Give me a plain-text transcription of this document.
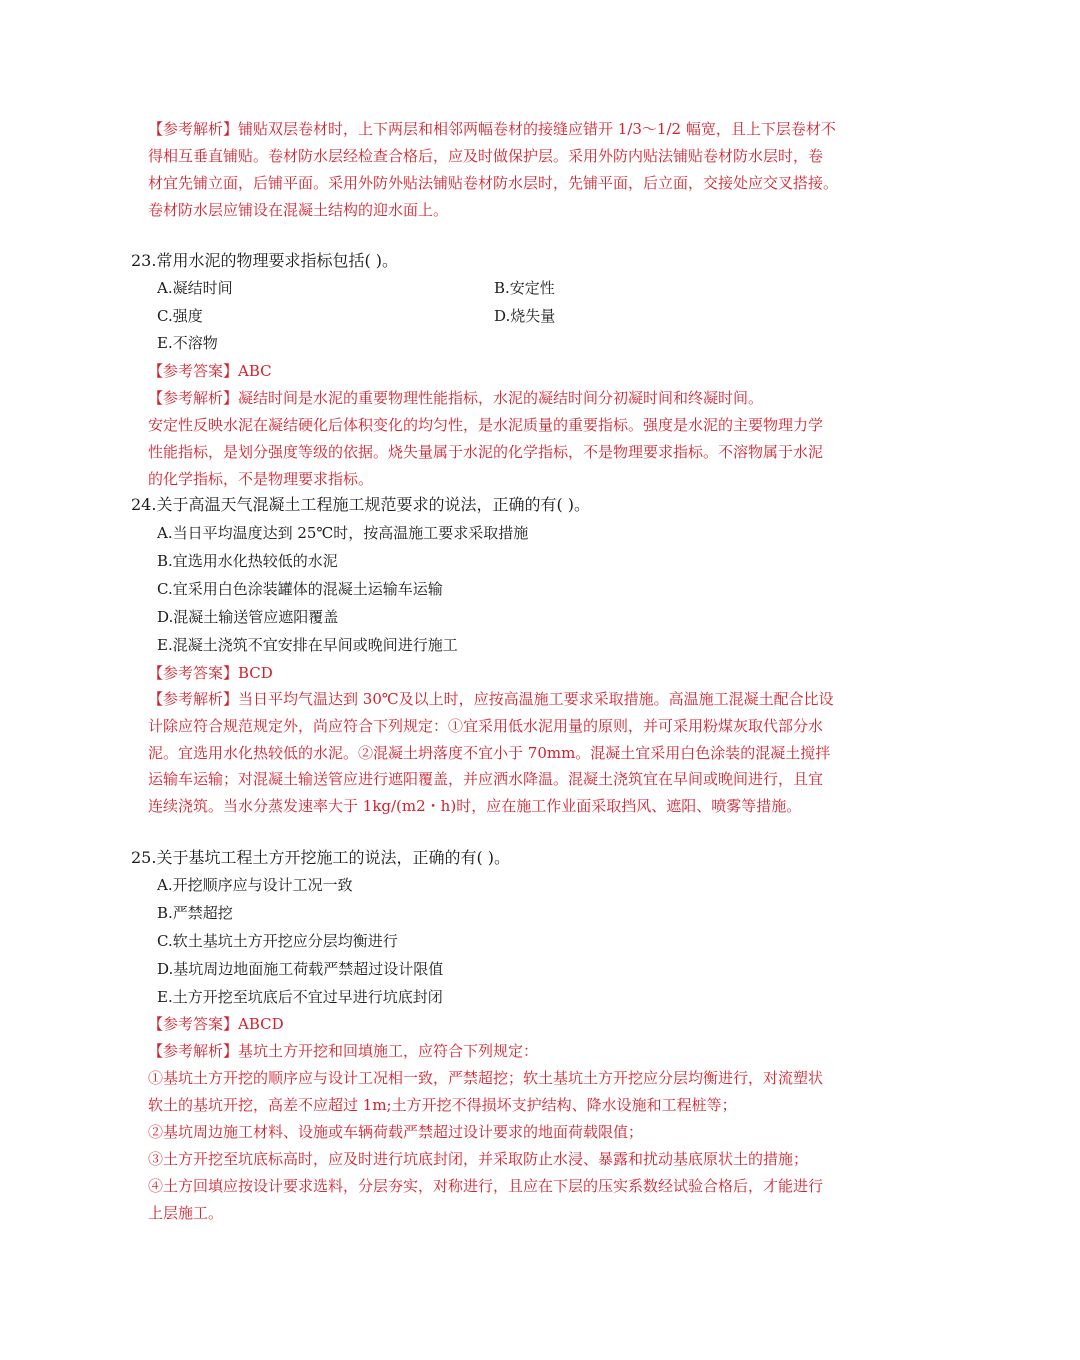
【参考解析】铺贴双层卷材时，上下两层和相邻两幅卷材的接缝应错开 1/3～1/2 幅宽，且上下层卷材不
得相互垂直铺贴。卷材防水层经检查合格后，应及时做保护层。采用外防内贴法铺贴卷材防水层时，卷
材宜先铺立面，后铺平面。采用外防外贴法铺贴卷材防水层时，先铺平面，后立面，交接处应交叉搭接。
卷材防水层应铺设在混凝土结构的迎水面上。
23.常用水泥的物理要求指标包括( )。
A.凝结时间	B.安定性
C.强度	D.烧失量
E.不溶物
【参考答案】ABC
【参考解析】凝结时间是水泥的重要物理性能指标，水泥的凝结时间分初凝时间和终凝时间。
安定性反映水泥在凝结硬化后体积变化的均匀性，是水泥质量的重要指标。强度是水泥的主要物理力学
性能指标，是划分强度等级的依据。烧失量属于水泥的化学指标，不是物理要求指标。不溶物属于水泥
的化学指标，不是物理要求指标。
24.关于高温天气混凝土工程施工规范要求的说法，正确的有( )。
A.当日平均温度达到 25℃时，按高温施工要求采取措施
B.宜选用水化热较低的水泥
C.宜采用白色涂装罐体的混凝土运输车运输
D.混凝土输送管应遮阳覆盖
E.混凝土浇筑不宜安排在早间或晚间进行施工
【参考答案】BCD
【参考解析】当日平均气温达到 30℃及以上时，应按高温施工要求采取措施。高温施工混凝土配合比设
计除应符合规范规定外，尚应符合下列规定：①宜采用低水泥用量的原则，并可采用粉煤灰取代部分水
泥。宜选用水化热较低的水泥。②混凝土坍落度不宜小于 70mm。混凝土宜采用白色涂装的混凝土搅拌
运输车运输；对混凝土输送管应进行遮阳覆盖，并应洒水降温。混凝土浇筑宜在早间或晚间进行，且宜
连续浇筑。当水分蒸发速率大于 1kg/(m2・h)时，应在施工作业面采取挡风、遮阳、喷雾等措施。
25.关于基坑工程土方开挖施工的说法，正确的有( )。
A.开挖顺序应与设计工况一致
B.严禁超挖
C.软土基坑土方开挖应分层均衡进行
D.基坑周边地面施工荷载严禁超过设计限值
E.土方开挖至坑底后不宜过早进行坑底封闭
【参考答案】ABCD
【参考解析】基坑土方开挖和回填施工，应符合下列规定：
①基坑土方开挖的顺序应与设计工况相一致，严禁超挖；软土基坑土方开挖应分层均衡进行，对流塑状
软土的基坑开挖，高差不应超过 1m;土方开挖不得损坏支护结构、降水设施和工程桩等；
②基坑周边施工材料、设施或车辆荷载严禁超过设计要求的地面荷载限值；
③土方开挖至坑底标高时，应及时进行坑底封闭，并采取防止水浸、暴露和扰动基底原状土的措施；
④土方回填应按设计要求选料，分层夯实，对称进行，且应在下层的压实系数经试验合格后，才能进行
上层施工。
